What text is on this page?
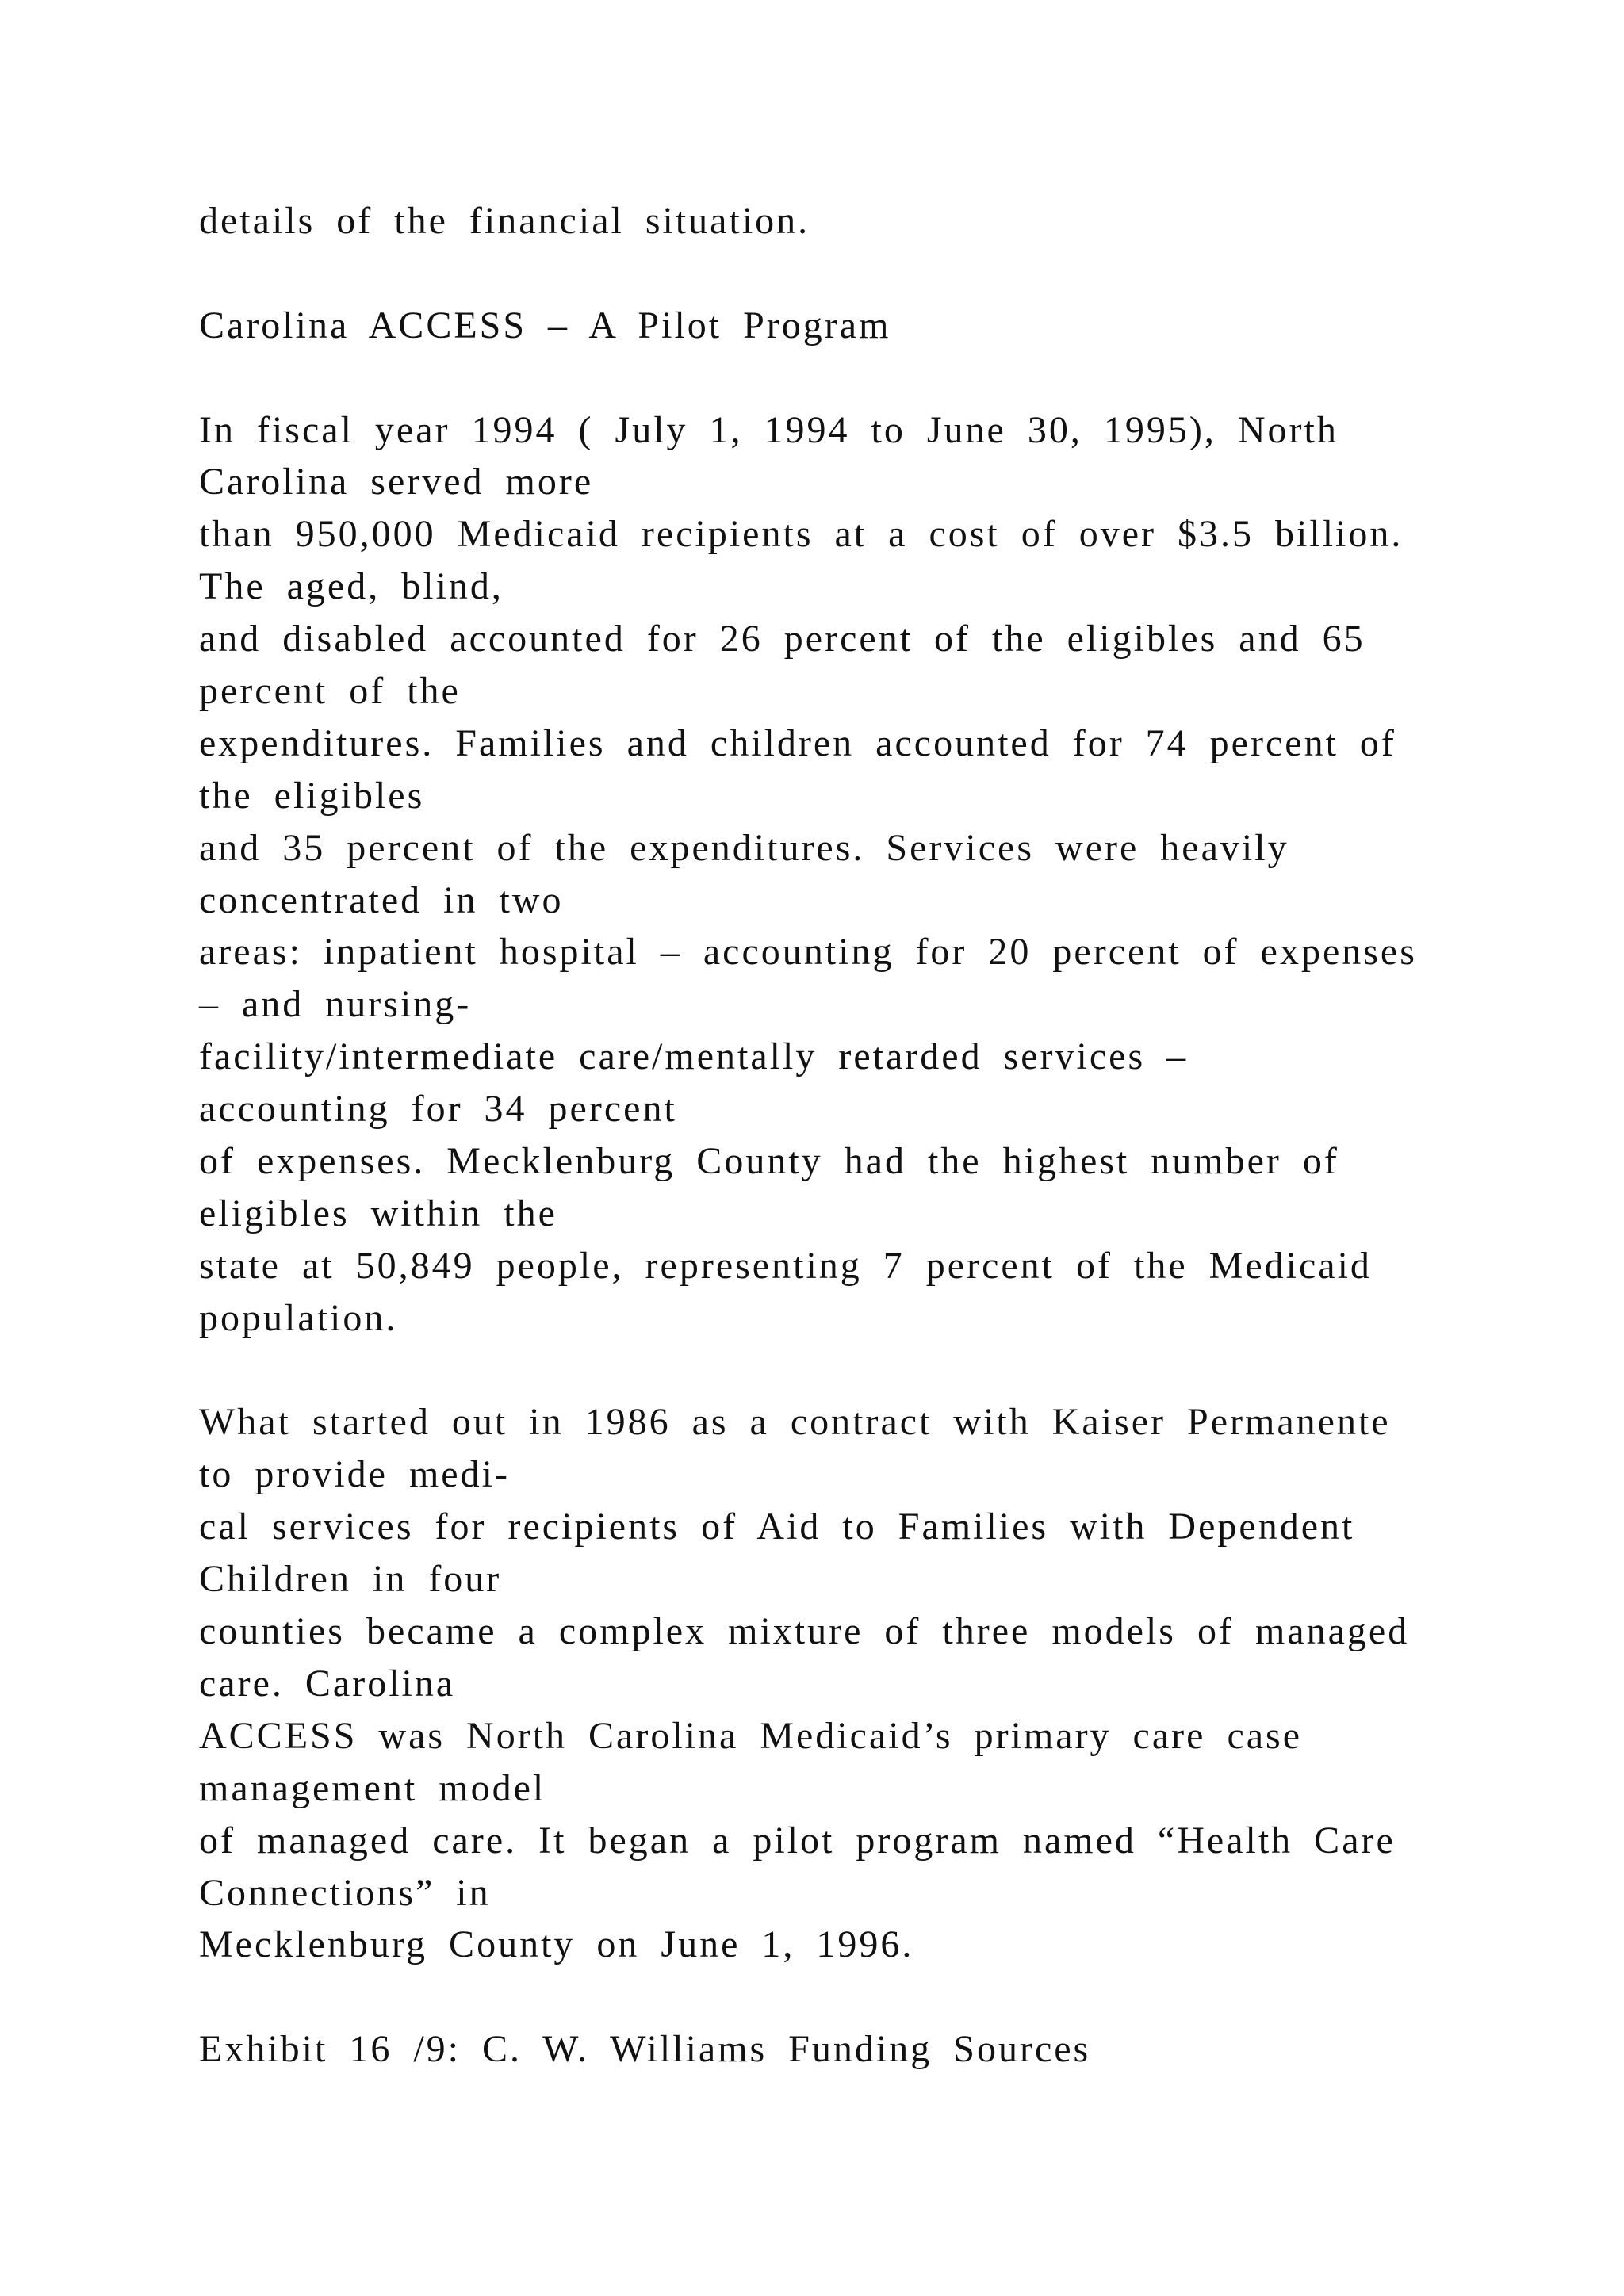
details of the financial situation.
Carolina ACCESS – A Pilot Program
In fiscal year 1994 ( July 1, 1994 to June 30, 1995), North
Carolina served more
than 950,000 Medicaid recipients at a cost of over $3.5 billion.
The aged, blind,
and disabled accounted for 26 percent of the eligibles and 65
percent of the
expenditures. Families and children accounted for 74 percent of
the eligibles
and 35 percent of the expenditures. Services were heavily
concentrated in two
areas: inpatient hospital – accounting for 20 percent of expenses
– and nursing-
facility/intermediate care/mentally retarded services –
accounting for 34 percent
of expenses. Mecklenburg County had the highest number of
eligibles within the
state at 50,849 people, representing 7 percent of the Medicaid
population.
What started out in 1986 as a contract with Kaiser Permanente
to provide medi-
cal services for recipients of Aid to Families with Dependent
Children in four
counties became a complex mixture of three models of managed
care. Carolina
ACCESS was North Carolina Medicaid’s primary care case
management model
of managed care. It began a pilot program named “Health Care
Connections” in
Mecklenburg County on June 1, 1996.
Exhibit 16 /9: C. W. Williams Funding Sources
